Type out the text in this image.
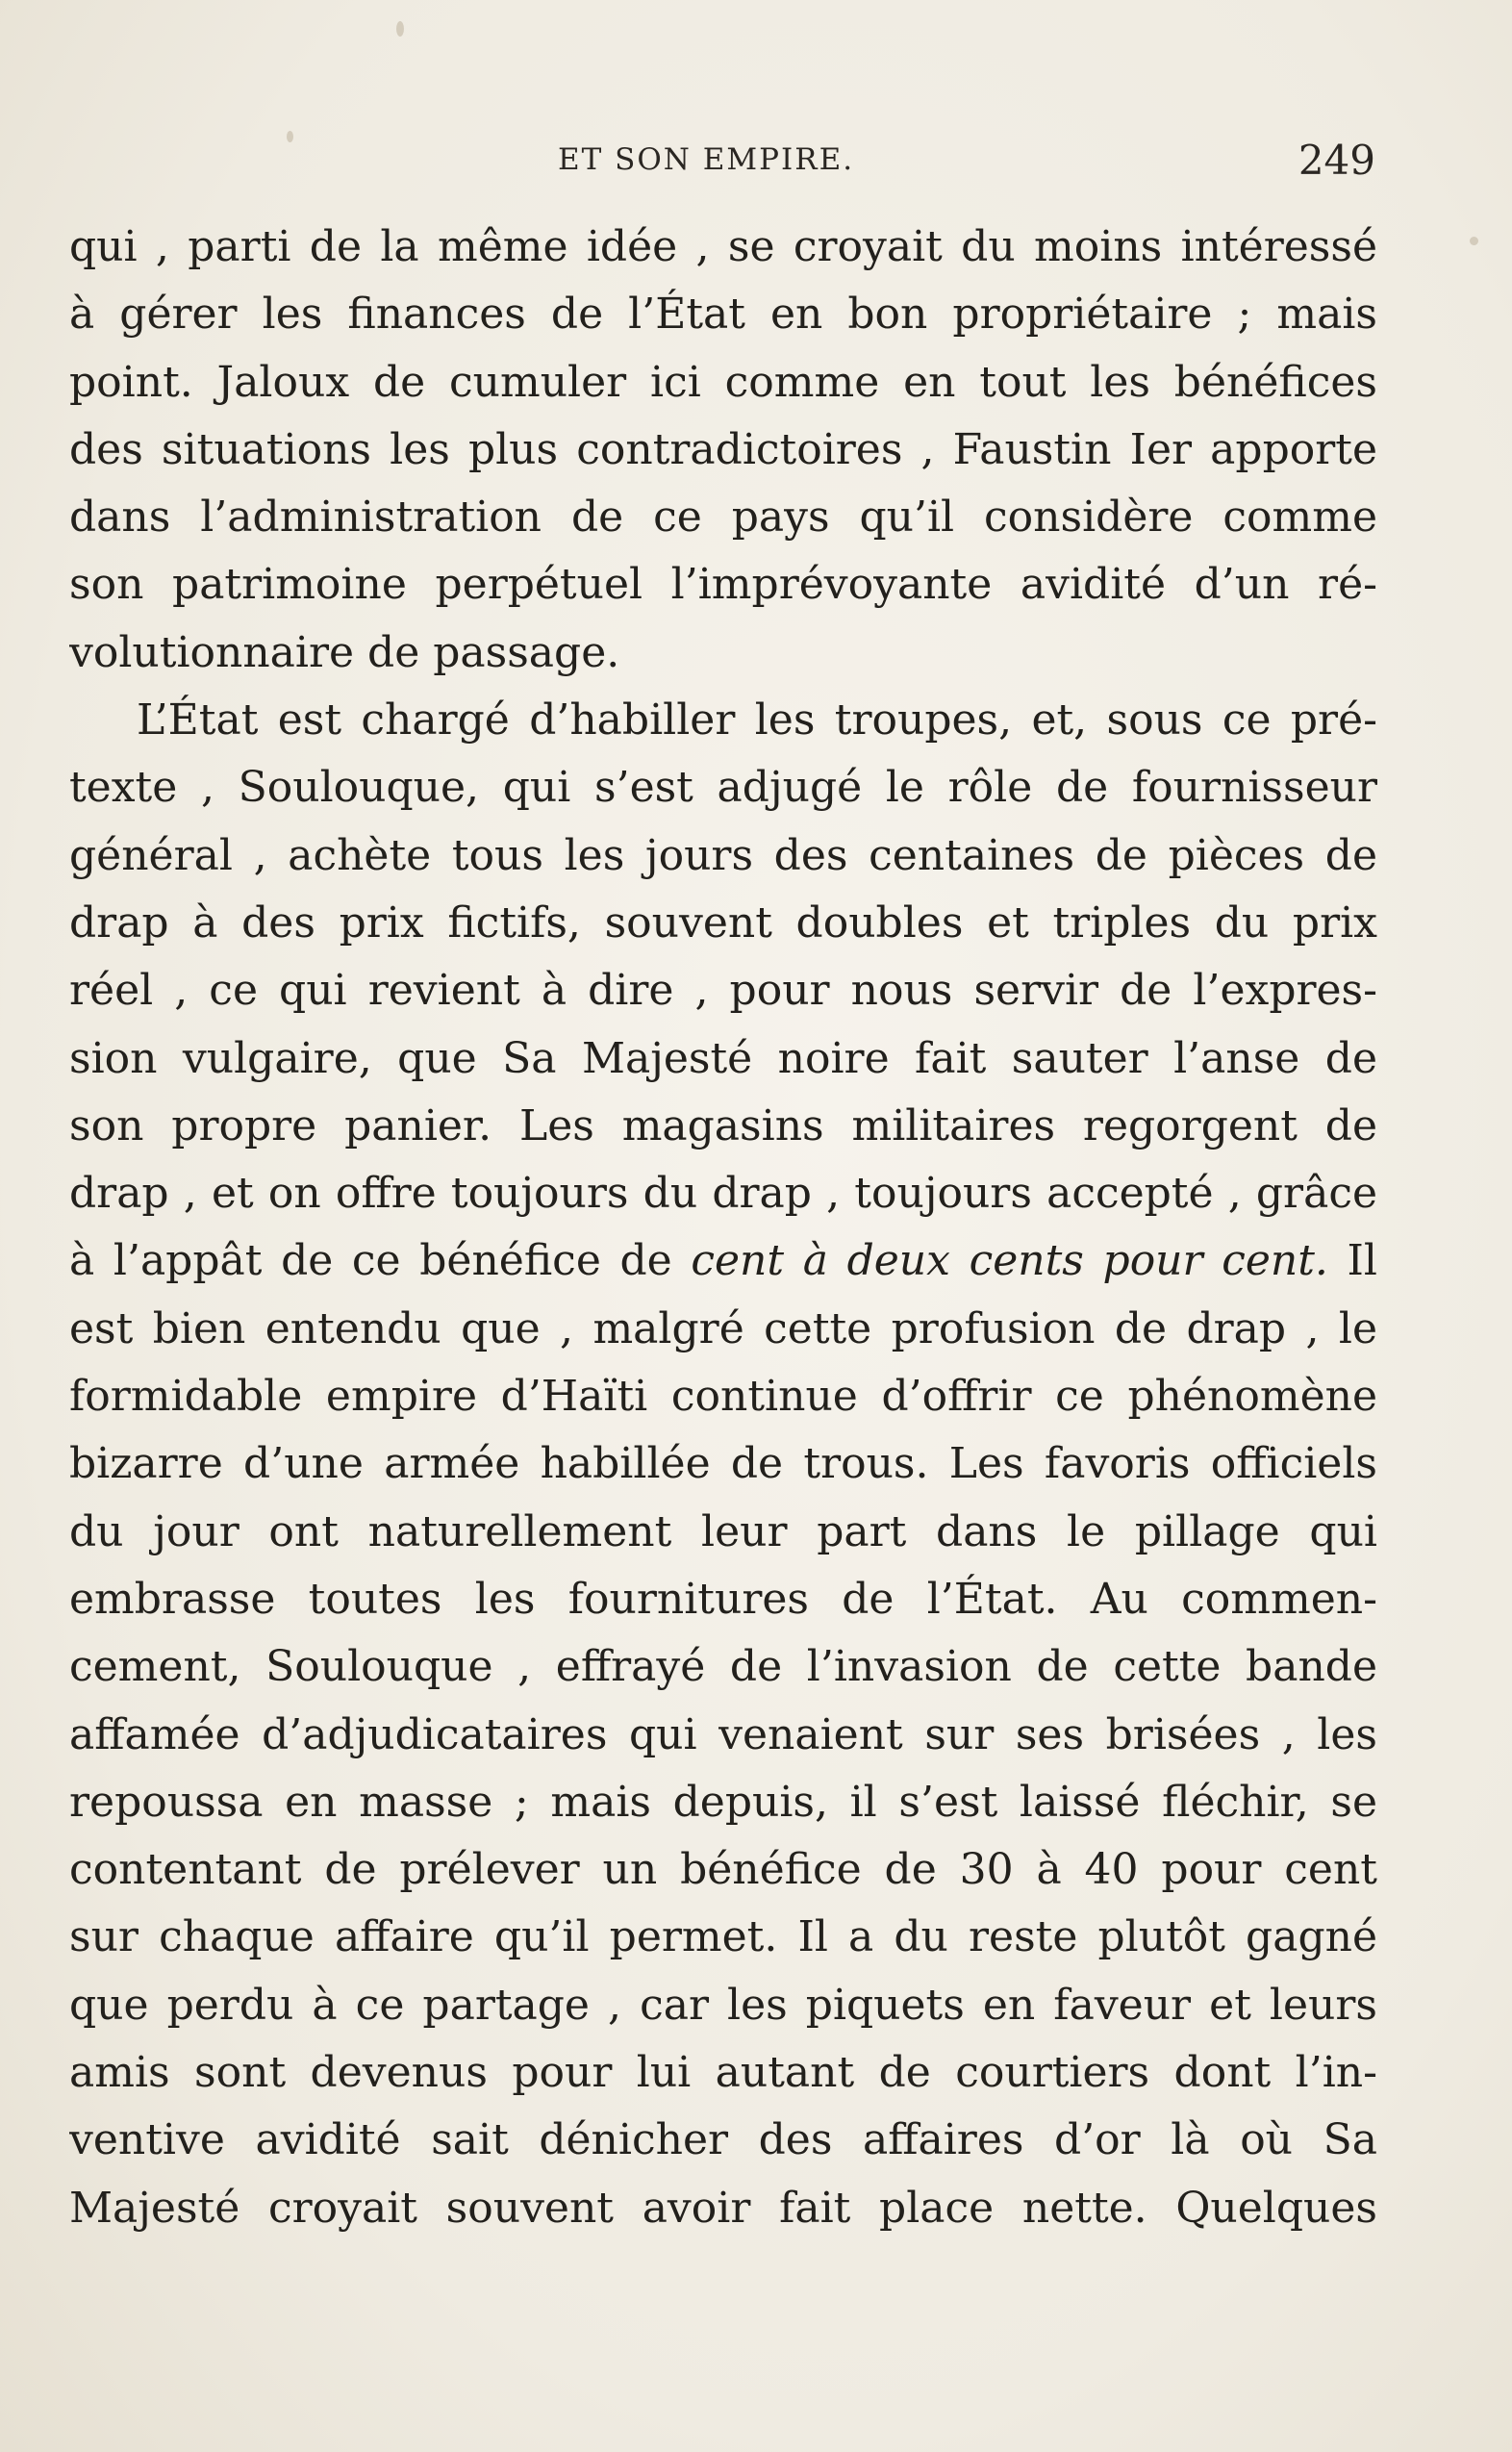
ET SON EMPIRE.	249
qui , parti de la même idée , se croyait du moins intéressé
à gérer les finances de l’État en bon propriétaire ; mais
point. Jaloux de cumuler ici comme en tout les bénéfices
des situations les plus contradictoires , Faustin Ier apporte
dans l’administration de ce pays qu’il considère comme
son patrimoine perpétuel l’imprévoyante avidité d’un ré-
volutionnaire de passage.
L’État est chargé d’habiller les troupes, et, sous ce pré-
texte , Soulouque, qui s’est adjugé le rôle de fournisseur
général , achète tous les jours des centaines de pièces de
drap à des prix fictifs, souvent doubles et triples du prix
réel , ce qui revient à dire , pour nous servir de l’expres-
sion vulgaire, que Sa Majesté noire fait sauter l’anse de
son propre panier. Les magasins militaires regorgent de
drap , et on offre toujours du drap , toujours accepté , grâce
à l’appât de ce bénéfice de cent à deux cents pour cent. Il
est bien entendu que , malgré cette profusion de drap , le
formidable empire d’Haïti continue d’offrir ce phénomène
bizarre d’une armée habillée de trous. Les favoris officiels
du jour ont naturellement leur part dans le pillage qui
embrasse toutes les fournitures de l’État. Au commen-
cement, Soulouque , effrayé de l’invasion de cette bande
affamée d’adjudicataires qui venaient sur ses brisées , les
repoussa en masse ; mais depuis, il s’est laissé fléchir, se
contentant de prélever un bénéfice de 30 à 40 pour cent
sur chaque affaire qu’il permet. Il a du reste plutôt gagné
que perdu à ce partage , car les piquets en faveur et leurs
amis sont devenus pour lui autant de courtiers dont l’in-
ventive avidité sait dénicher des affaires d’or là où Sa
Majesté croyait souvent avoir fait place nette. Quelques
